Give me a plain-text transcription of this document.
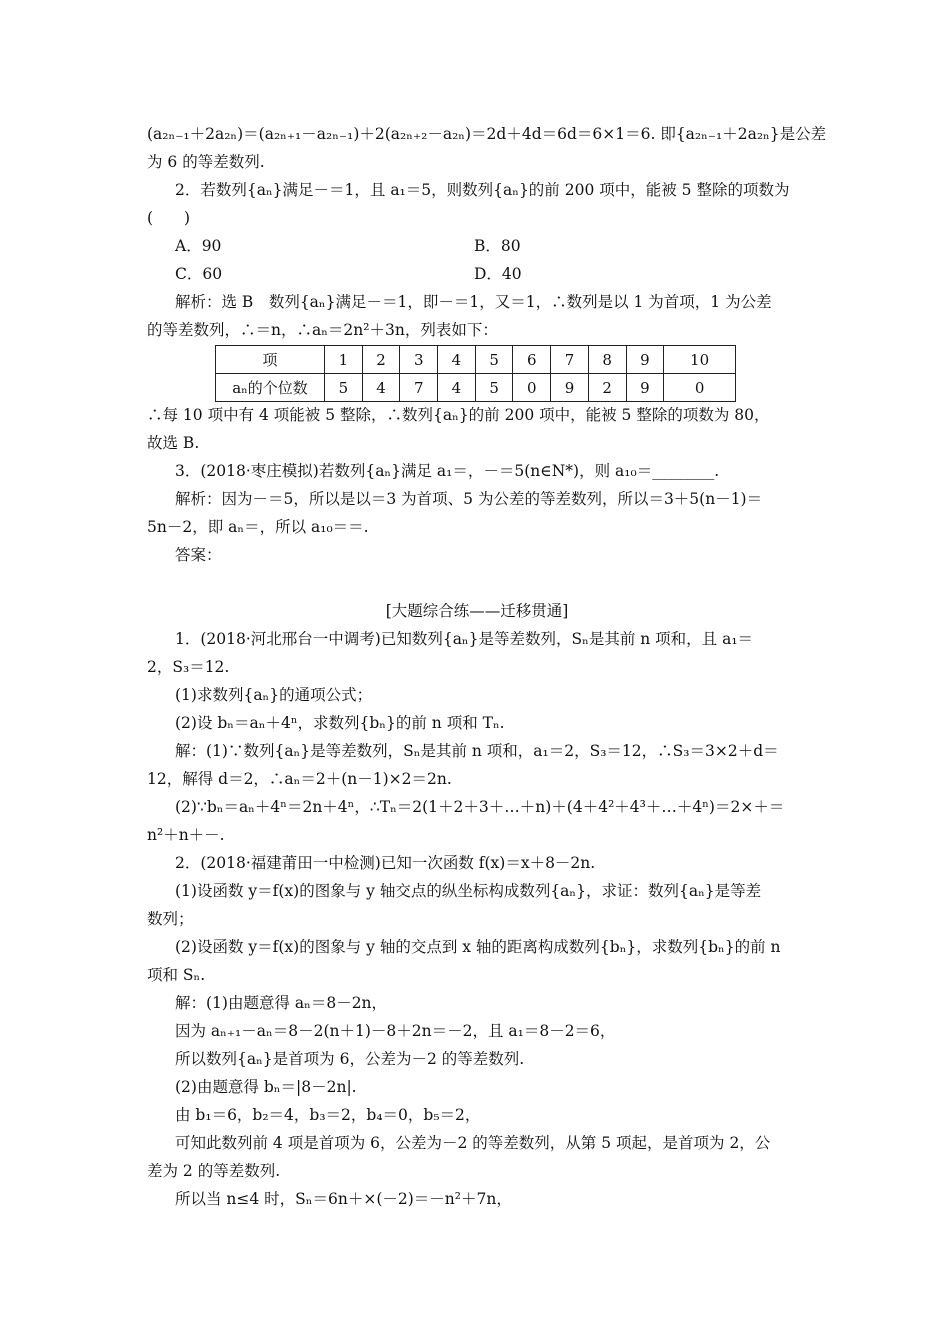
(a₂ₙ₋₁＋2a₂ₙ)＝(a₂ₙ₊₁－a₂ₙ₋₁)＋2(a₂ₙ₊₂－a₂ₙ)＝2d＋4d＝6d＝6×1＝6. 即{a₂ₙ₋₁＋2a₂ₙ}是公差
为 6 的等差数列.
2．若数列{aₙ}满足－＝1，且 a₁＝5，则数列{aₙ}的前 200 项中，能被 5 整除的项数为
(　　)
A．90	B．80
C．60	D．40
解析：选 B　数列{aₙ}满足－＝1，即－＝1，又＝1，∴数列是以 1 为首项，1 为公差
的等差数列，∴＝n，∴aₙ＝2n²＋3n，列表如下：
项	1	2	3	4	5	6	7	8	9	10
aₙ的个位数	5	4	7	4	5	0	9	2	9	0
∴每 10 项中有 4 项能被 5 整除，∴数列{aₙ}的前 200 项中，能被 5 整除的项数为 80，
故选 B.
3．(2018·枣庄模拟)若数列{aₙ}满足 a₁＝，－＝5(n∈N*)，则 a₁₀＝________.
解析：因为－＝5，所以是以＝3 为首项、5 为公差的等差数列，所以＝3＋5(n－1)＝
5n－2，即 aₙ＝，所以 a₁₀＝＝.
答案：
[大题综合练——迁移贯通]
1．(2018·河北邢台一中调考)已知数列{aₙ}是等差数列，Sₙ是其前 n 项和，且 a₁＝
2，S₃＝12.
(1)求数列{aₙ}的通项公式；
(2)设 bₙ＝aₙ＋4ⁿ，求数列{bₙ}的前 n 项和 Tₙ.
解：(1)∵数列{aₙ}是等差数列，Sₙ是其前 n 项和，a₁＝2，S₃＝12，∴S₃＝3×2＋d＝
12，解得 d＝2，∴aₙ＝2＋(n－1)×2＝2n.
(2)∵bₙ＝aₙ＋4ⁿ＝2n＋4ⁿ，∴Tₙ＝2(1＋2＋3＋…＋n)＋(4＋4²＋4³＋…＋4ⁿ)＝2×＋＝
n²＋n＋－.
2．(2018·福建莆田一中检测)已知一次函数 f(x)＝x＋8－2n.
(1)设函数 y＝f(x)的图象与 y 轴交点的纵坐标构成数列{aₙ}，求证：数列{aₙ}是等差
数列；
(2)设函数 y＝f(x)的图象与 y 轴的交点到 x 轴的距离构成数列{bₙ}，求数列{bₙ}的前 n
项和 Sₙ.
解：(1)由题意得 aₙ＝8－2n，
因为 aₙ₊₁－aₙ＝8－2(n＋1)－8＋2n＝－2，且 a₁＝8－2＝6，
所以数列{aₙ}是首项为 6，公差为－2 的等差数列.
(2)由题意得 bₙ＝|8－2n|.
由 b₁＝6，b₂＝4，b₃＝2，b₄＝0，b₅＝2，
可知此数列前 4 项是首项为 6，公差为－2 的等差数列，从第 5 项起，是首项为 2，公
差为 2 的等差数列.
所以当 n≤4 时，Sₙ＝6n＋×(－2)＝－n²＋7n，
